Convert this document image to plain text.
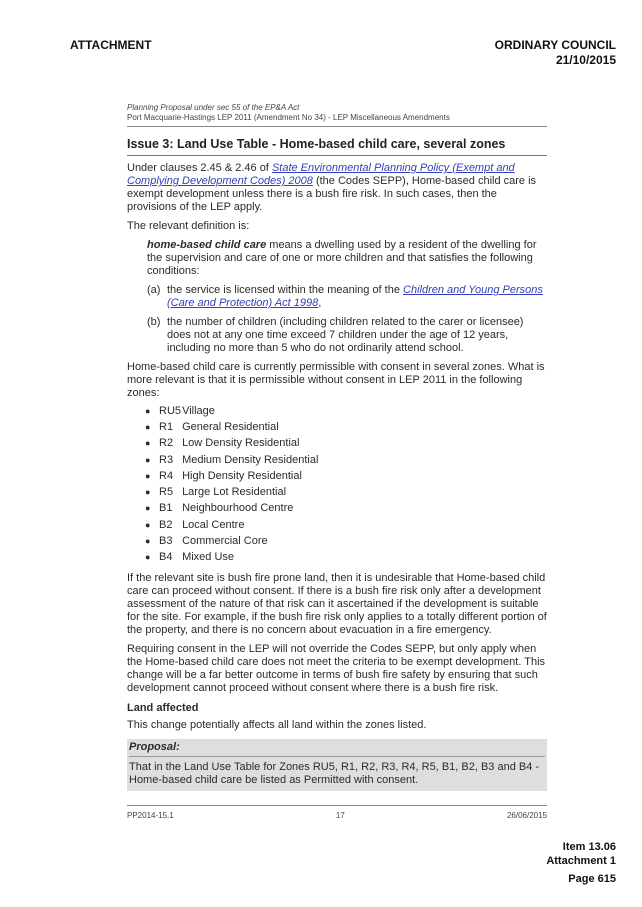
ATTACHMENT	ORDINARY COUNCIL
21/10/2015
Planning Proposal under sec 55 of the EP&A Act
Port Macquarie-Hastings LEP 2011 (Amendment No 34) - LEP Miscellaneous Amendments
Issue 3: Land Use Table - Home-based child care, several zones

Under clauses 2.45 & 2.46 of State Environmental Planning Policy (Exempt and Complying Development Codes) 2008 (the Codes SEPP), Home-based child care is exempt development unless there is a bush fire risk. In such cases, then the provisions of the LEP apply.

The relevant definition is:

home-based child care means a dwelling used by a resident of the dwelling for the supervision and care of one or more children and that satisfies the following conditions:
(a) the service is licensed within the meaning of the Children and Young Persons (Care and Protection) Act 1998,
(b) the number of children (including children related to the carer or licensee) does not at any one time exceed 7 children under the age of 12 years, including no more than 5 who do not ordinarily attend school.

Home-based child care is currently permissible with consent in several zones. What is more relevant is that it is permissible without consent in LEP 2011 in the following zones:

● RU5
Village
● R1
General Residential
● R2
Low Density Residential
● R3
Medium Density Residential
● R4
High Density Residential
● R5
Large Lot Residential
● B1
Neighbourhood Centre
● B2
Local Centre
● B3
Commercial Core
● B4
Mixed Use

If the relevant site is bush fire prone land, then it is undesirable that Home-based child care can proceed without consent. If there is a bush fire risk only after a development assessment of the nature of that risk can it ascertained if the development is suitable for the site. For example, if the bush fire risk only applies to a totally different portion of the property, and there is no concern about evacuation in a fire emergency.

Requiring consent in the LEP will not override the Codes SEPP, but only apply when the Home-based child care does not meet the criteria to be exempt development. This change will be a far better outcome in terms of bush fire safety by ensuring that such development cannot proceed without consent where there is a bush fire risk.

Land affected

This change potentially affects all land within the zones listed.

Proposal:
That in the Land Use Table for Zones RU5, R1, R2, R3, R4, R5, B1, B2, B3 and B4 - Home-based child care be listed as Permitted with consent.
PP2014-15.1	17	26/06/2015
Item 13.06
Attachment 1
Page 615
